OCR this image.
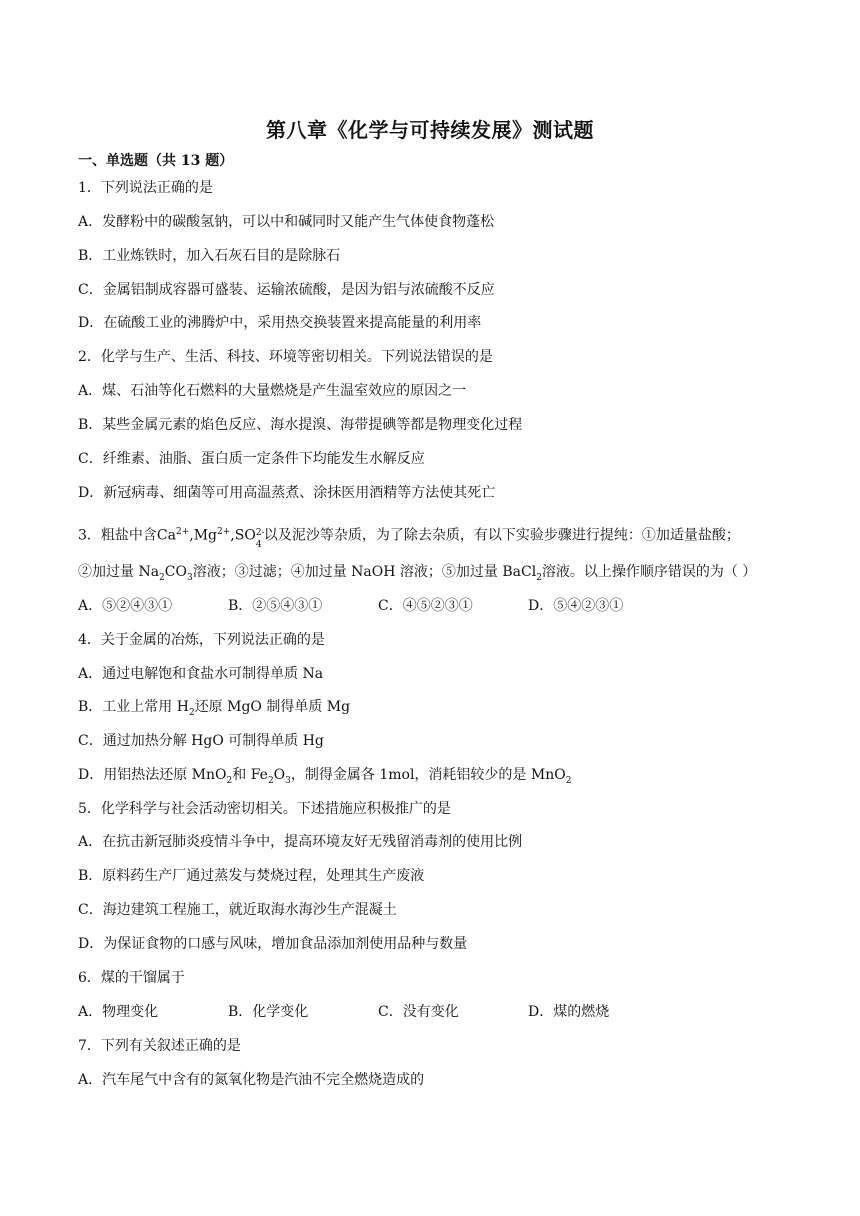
第八章《化学与可持续发展》测试题
一、单选题（共 13 题）
1．下列说法正确的是
A．发酵粉中的碳酸氢钠，可以中和碱同时又能产生气体使食物蓬松
B．工业炼铁时，加入石灰石目的是除脉石
C．金属铝制成容器可盛装、运输浓硫酸，是因为铝与浓硫酸不反应
D．在硫酸工业的沸腾炉中，采用热交换装置来提高能量的利用率
2．化学与生产、生活、科技、环境等密切相关。下列说法错误的是
A．煤、石油等化石燃料的大量燃烧是产生温室效应的原因之一
B．某些金属元素的焰色反应、海水提溴、海带提碘等都是物理变化过程
C．纤维素、油脂、蛋白质一定条件下均能发生水解反应
D．新冠病毒、细菌等可用高温蒸煮、涂抹医用酒精等方法使其死亡
3．粗盐中含$Ca^{2+},Mg^{2+},SO$ 2-
4
以及泥沙等杂质，为了除去杂质，有以下实验步骤进行提纯：①加适量盐酸；
②加过量 $Na_2CO_3$溶液；③过滤；④加过量 NaOH 溶液；⑤加过量 BaCl$_2$溶液。以上操作顺序错误的为（ ）
A．⑤②④③①	B．②⑤④③①	C．④⑤②③①	D．⑤④②③①
4．关于金属的冶炼，下列说法正确的是
A．通过电解饱和食盐水可制得单质 Na
B．工业上常用 $H_2$还原 MgO 制得单质 Mg
C．通过加热分解 HgO 可制得单质 Hg
D．用铝热法还原 MnO$_2$和 $Fe_2O_3$，制得金属各 1mol，消耗铝较少的是 MnO$_2$
5．化学科学与社会活动密切相关。下述措施应积极推广的是
A．在抗击新冠肺炎疫情斗争中，提高环境友好无残留消毒剂的使用比例
B．原料药生产厂通过蒸发与焚烧过程，处理其生产废液
C．海边建筑工程施工，就近取海水海沙生产混凝土
D．为保证食物的口感与风味，增加食品添加剂使用品种与数量
6．煤的干馏属于
A．物理变化	B．化学变化	C．没有变化	D．煤的燃烧
7．下列有关叙述正确的是
A．汽车尾气中含有的氮氧化物是汽油不完全燃烧造成的
